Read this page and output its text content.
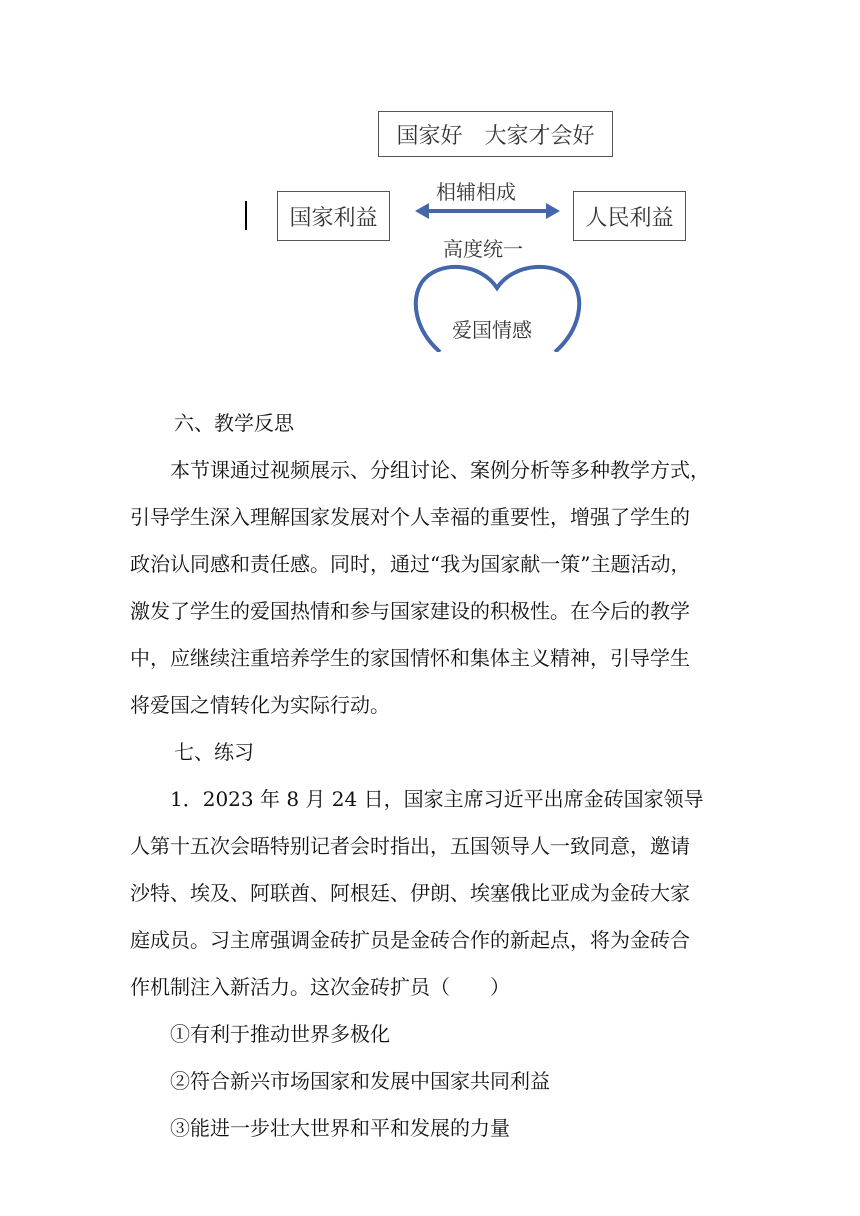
国家好　大家才会好
国家利益	人民利益
相辅相成
高度统一
爱国情感

六、教学反思

本节课通过视频展示、分组讨论、案例分析等多种教学方式，

引导学生深入理解国家发展对个人幸福的重要性，增强了学生的

政治认同感和责任感。同时，通过“我为国家献一策”主题活动，

激发了学生的爱国热情和参与国家建设的积极性。在今后的教学

中，应继续注重培养学生的家国情怀和集体主义精神，引导学生

将爱国之情转化为实际行动。

七、练习

1．2023 年 8 月 24 日，国家主席习近平出席金砖国家领导

人第十五次会晤特别记者会时指出，五国领导人一致同意，邀请

沙特、埃及、阿联酋、阿根廷、伊朗、埃塞俄比亚成为金砖大家

庭成员。习主席强调金砖扩员是金砖合作的新起点，将为金砖合

作机制注入新活力。这次金砖扩员（　　）

①有利于推动世界多极化

②符合新兴市场国家和发展中国家共同利益

③能进一步壮大世界和平和发展的力量
